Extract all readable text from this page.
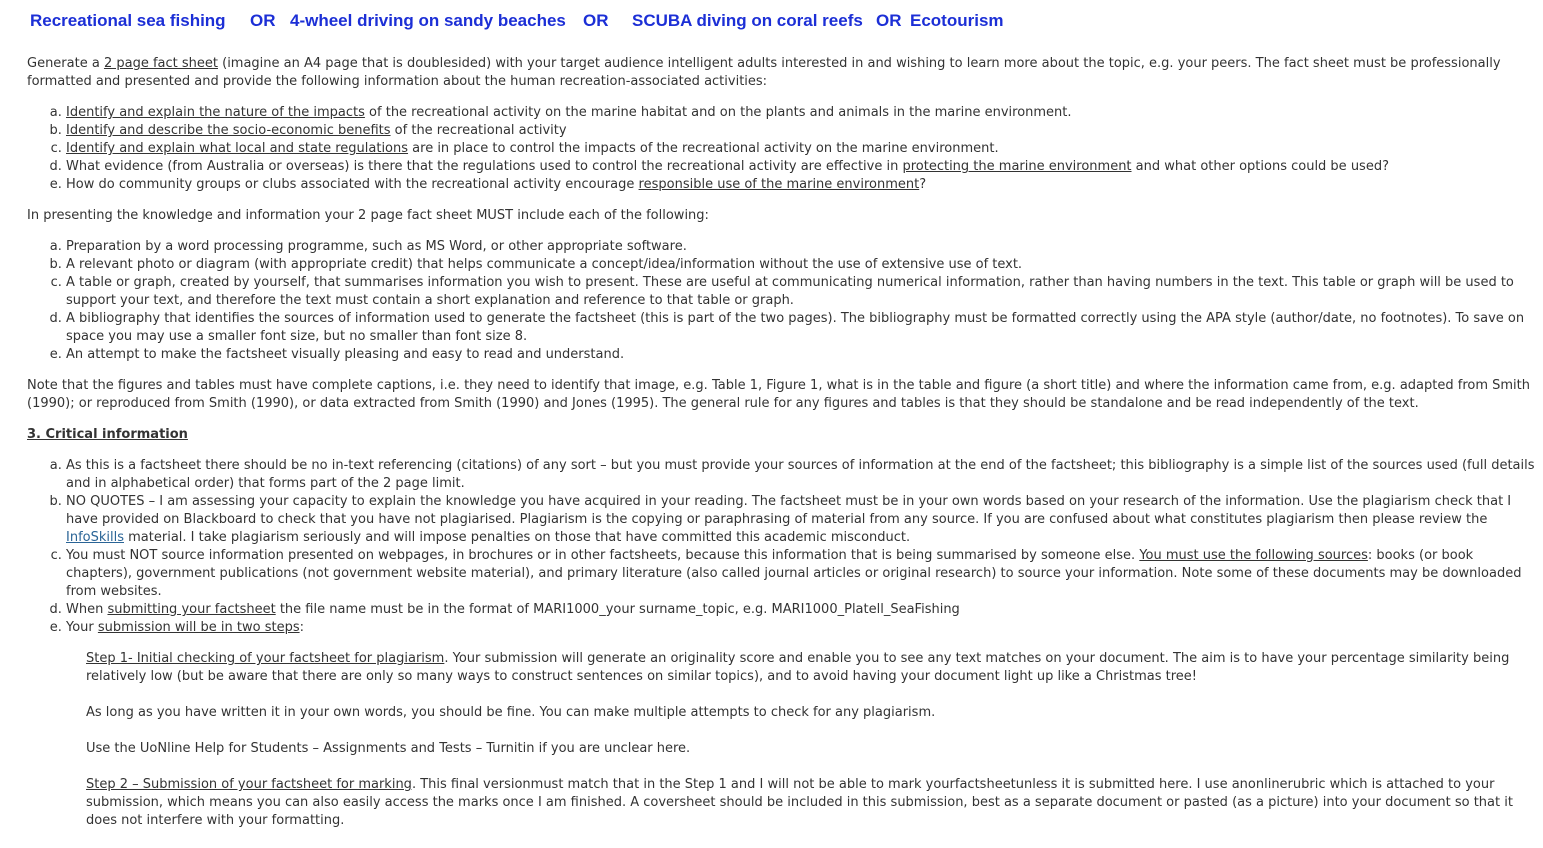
Recreational sea fishing OR 4-wheel driving on sandy beaches OR SCUBA diving on coral reefs OR Ecotourism

Generate a 2 page fact sheet (imagine an A4 page that is doublesided) with your target audience intelligent adults interested in and wishing to learn more about the topic, e.g. your peers. The fact sheet must be professionally formatted and presented and provide the following information about the human recreation-associated activities:

a. Identify and explain the nature of the impacts of the recreational activity on the marine habitat and on the plants and animals in the marine environment.
b. Identify and describe the socio-economic benefits of the recreational activity
c. Identify and explain what local and state regulations are in place to control the impacts of the recreational activity on the marine environment.
d. What evidence (from Australia or overseas) is there that the regulations used to control the recreational activity are effective in protecting the marine environment and what other options could be used?
e. How do community groups or clubs associated with the recreational activity encourage responsible use of the marine environment?

In presenting the knowledge and information your 2 page fact sheet MUST include each of the following:

a. Preparation by a word processing programme, such as MS Word, or other appropriate software.
b. A relevant photo or diagram (with appropriate credit) that helps communicate a concept/idea/information without the use of extensive use of text.
c. A table or graph, created by yourself, that summarises information you wish to present. These are useful at communicating numerical information, rather than having numbers in the text. This table or graph will be used to support your text, and therefore the text must contain a short explanation and reference to that table or graph.
d. A bibliography that identifies the sources of information used to generate the factsheet (this is part of the two pages). The bibliography must be formatted correctly using the APA style (author/date, no footnotes). To save on space you may use a smaller font size, but no smaller than font size 8.
e. An attempt to make the factsheet visually pleasing and easy to read and understand.

Note that the figures and tables must have complete captions, i.e. they need to identify that image, e.g. Table 1, Figure 1, what is in the table and figure (a short title) and where the information came from, e.g. adapted from Smith (1990); or reproduced from Smith (1990), or data extracted from Smith (1990) and Jones (1995). The general rule for any figures and tables is that they should be standalone and be read independently of the text.

3. Critical information

a. As this is a factsheet there should be no in-text referencing (citations) of any sort – but you must provide your sources of information at the end of the factsheet; this bibliography is a simple list of the sources used (full details and in alphabetical order) that forms part of the 2 page limit.
b. NO QUOTES – I am assessing your capacity to explain the knowledge you have acquired in your reading. The factsheet must be in your own words based on your research of the information. Use the plagiarism check that I have provided on Blackboard to check that you have not plagiarised. Plagiarism is the copying or paraphrasing of material from any source. If you are confused about what constitutes plagiarism then please review the InfoSkills material. I take plagiarism seriously and will impose penalties on those that have committed this academic misconduct.
c. You must NOT source information presented on webpages, in brochures or in other factsheets, because this information that is being summarised by someone else. You must use the following sources: books (or book chapters), government publications (not government website material), and primary literature (also called journal articles or original research) to source your information. Note some of these documents may be downloaded from websites.
d. When submitting your factsheet the file name must be in the format of MARI1000_your surname_topic, e.g. MARI1000_Platell_SeaFishing
e. Your submission will be in two steps:

Step 1- Initial checking of your factsheet for plagiarism. Your submission will generate an originality score and enable you to see any text matches on your document. The aim is to have your percentage similarity being relatively low (but be aware that there are only so many ways to construct sentences on similar topics), and to avoid having your document light up like a Christmas tree!

As long as you have written it in your own words, you should be fine. You can make multiple attempts to check for any plagiarism.

Use the UoNline Help for Students – Assignments and Tests – Turnitin if you are unclear here.

Step 2 – Submission of your factsheet for marking. This final versionmust match that in the Step 1 and I will not be able to mark yourfactsheetunless it is submitted here. I use anonlinerubric which is attached to your submission, which means you can also easily access the marks once I am finished. A coversheet should be included in this submission, best as a separate document or pasted (as a picture) into your document so that it does not interfere with your formatting.
